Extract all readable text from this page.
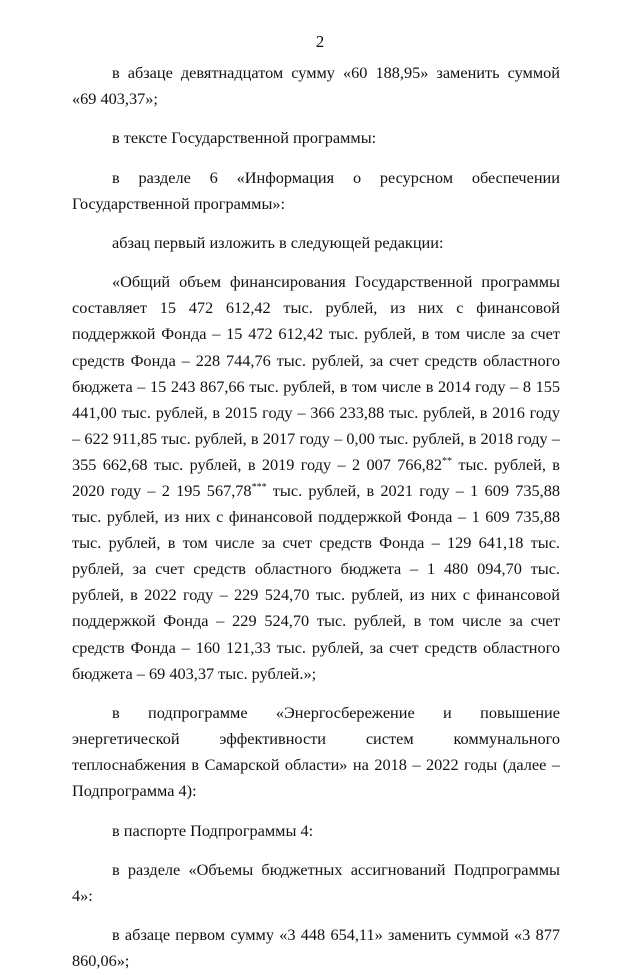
2

в абзаце девятнадцатом сумму «60 188,95» заменить суммой «69 403,37»;

в тексте Государственной программы:

в разделе 6 «Информация о ресурсном обеспечении Государственной программы»:

абзац первый изложить в следующей редакции:

«Общий объем финансирования Государственной программы составляет 15 472 612,42 тыс. рублей, из них с финансовой поддержкой Фонда – 15 472 612,42 тыс. рублей, в том числе за счет средств Фонда – 228 744,76 тыс. рублей, за счет средств областного бюджета – 15 243 867,66 тыс. рублей, в том числе в 2014 году – 8 155 441,00 тыс. рублей, в 2015 году – 366 233,88 тыс. рублей, в 2016 году – 622 911,85 тыс. рублей, в 2017 году – 0,00 тыс. рублей, в 2018 году – 355 662,68 тыс. рублей, в 2019 году – 2 007 766,82** тыс. рублей, в 2020 году – 2 195 567,78*** тыс. рублей, в 2021 году – 1 609 735,88 тыс. рублей, из них с финансовой поддержкой Фонда – 1 609 735,88 тыс. рублей, в том числе за счет средств Фонда – 129 641,18 тыс. рублей, за счет средств областного бюджета – 1 480 094,70 тыс. рублей, в 2022 году – 229 524,70 тыс. рублей, из них с финансовой поддержкой Фонда – 229 524,70 тыс. рублей, в том числе за счет средств Фонда – 160 121,33 тыс. рублей, за счет средств областного бюджета – 69 403,37 тыс. рублей.»;

в подпрограмме «Энергосбережение и повышение энергетической эффективности систем коммунального теплоснабжения в Самарской области» на 2018 – 2022 годы (далее – Подпрограмма 4):

в паспорте Подпрограммы 4:

в разделе «Объемы бюджетных ассигнований Подпрограммы 4»:

в абзаце первом сумму «3 448 654,11» заменить суммой «3 877 860,06»;
